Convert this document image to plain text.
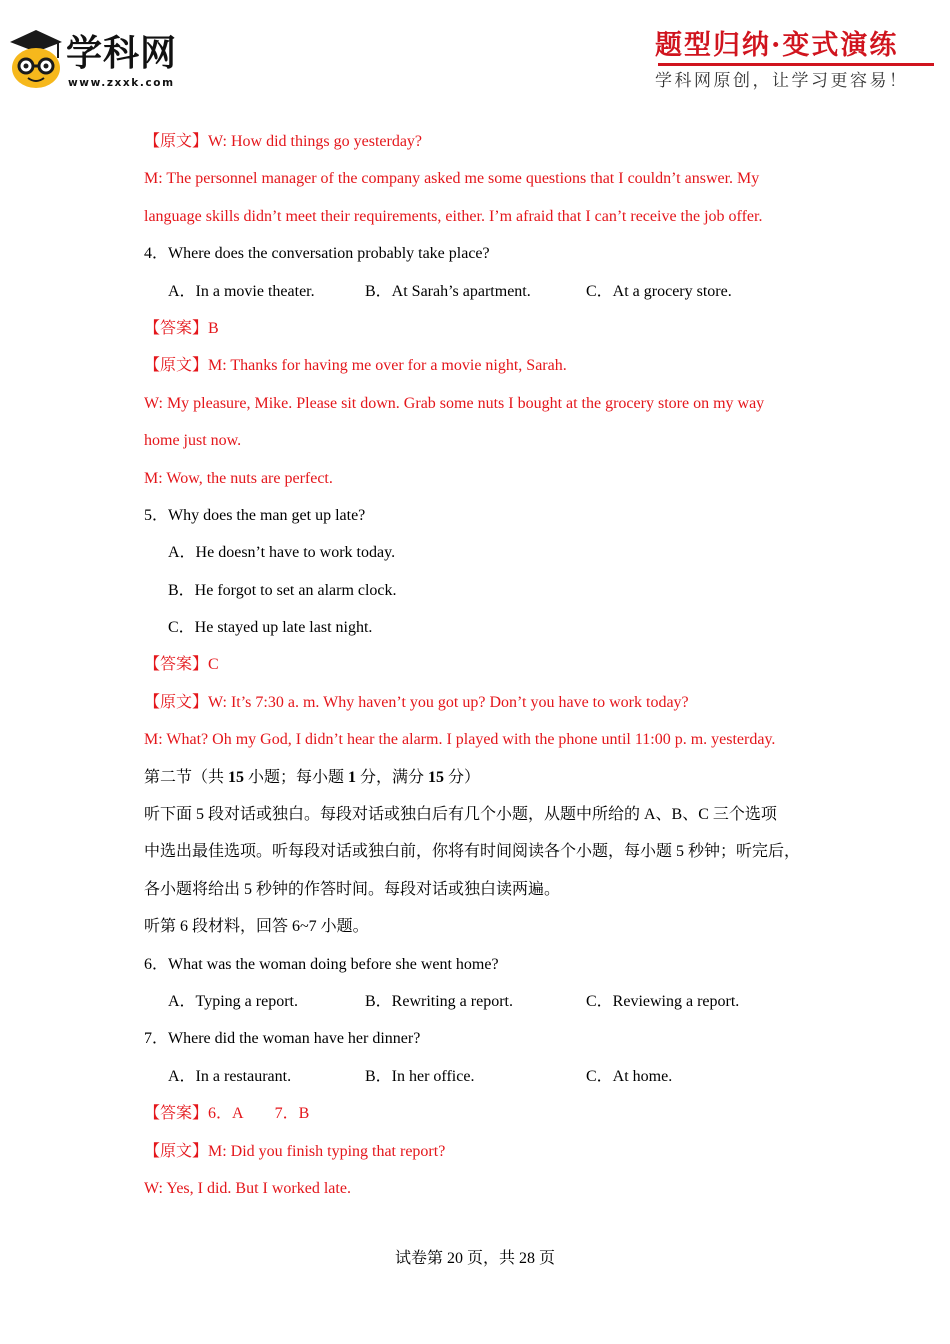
学科网
www.zxxk.com
题型归纳·变式演练
学科网原创，让学习更容易！
【原文】W: How did things go yesterday?
M: The personnel manager of the company asked me some questions that I couldn’t answer. My
language skills didn’t meet their requirements, either. I’m afraid that I can’t receive the job offer.
4．Where does the conversation probably take place?
A．In a movie theater.	B．At Sarah’s apartment.	C．At a grocery store.
【答案】B
【原文】M: Thanks for having me over for a movie night, Sarah.
W: My pleasure, Mike. Please sit down. Grab some nuts I bought at the grocery store on my way
home just now.
M: Wow, the nuts are perfect.
5．Why does the man get up late?
A．He doesn’t have to work today.
B．He forgot to set an alarm clock.
C．He stayed up late last night.
【答案】C
【原文】W: It’s 7:30 a. m. Why haven’t you got up? Don’t you have to work today?
M: What? Oh my God, I didn’t hear the alarm. I played with the phone until 11:00 p. m. yesterday.
第二节（共 15 小题；每小题 1 分，满分 15 分）
听下面 5 段对话或独白。每段对话或独白后有几个小题，从题中所给的 A、B、C 三个选项
中选出最佳选项。听每段对话或独白前，你将有时间阅读各个小题，每小题 5 秒钟；听完后，
各小题将给出 5 秒钟的作答时间。每段对话或独白读两遍。
听第 6 段材料，回答 6~7 小题。
6．What was the woman doing before she went home?
A．Typing a report.	B．Rewriting a report.	C．Reviewing a report.
7．Where did the woman have her dinner?
A．In a restaurant.	B．In her office.	C．At home.
【答案】6．A　　7．B
【原文】M: Did you finish typing that report?
W: Yes, I did. But I worked late.
试卷第 20 页，共 28 页
